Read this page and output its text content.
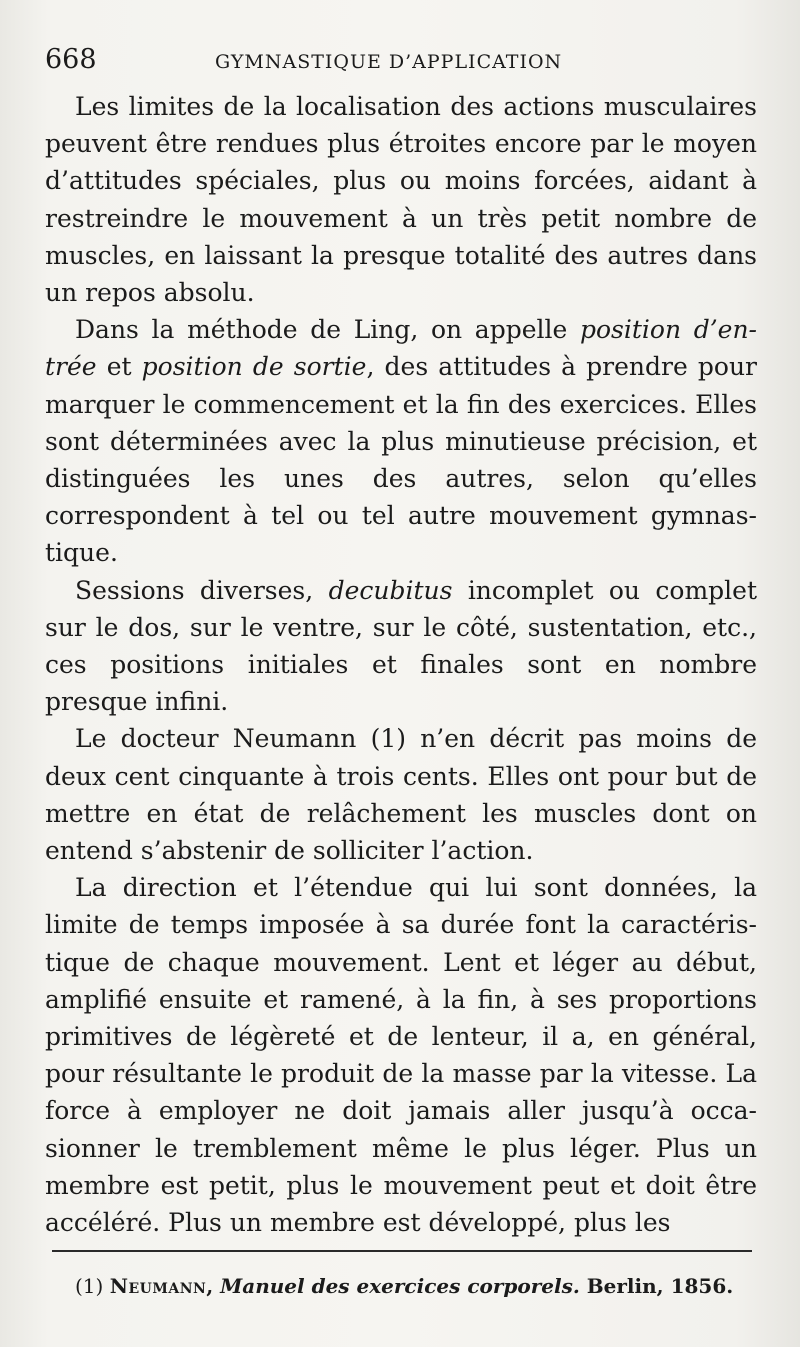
668	GYMNASTIQUE D’APPLICATION

Les limites de la localisation des actions musculaires peuvent être rendues plus étroites encore par le moyen d’attitudes spéciales, plus ou moins forcées, aidant à restreindre le mouvement à un très petit nombre de muscles, en laissant la presque totalité des autres dans un repos absolu.

Dans la méthode de Ling, on appelle position d’entrée et position de sortie, des attitudes à prendre pour marquer le commencement et la fin des exercices. Elles sont déterminées avec la plus minutieuse précision, et distinguées les unes des autres, selon qu’elles correspondent à tel ou tel autre mouvement gymnastique.

Sessions diverses, decubitus incomplet ou complet sur le dos, sur le ventre, sur le côté, sustentation, etc., ces positions initiales et finales sont en nombre presque infini.

Le docteur Neumann (1) n’en décrit pas moins de deux cent cinquante à trois cents. Elles ont pour but de mettre en état de relâchement les muscles dont on entend s’abstenir de solliciter l’action.

La direction et l’étendue qui lui sont données, la limite de temps imposée à sa durée font la caractéristique de chaque mouvement. Lent et léger au début, amplifié ensuite et ramené, à la fin, à ses proportions primitives de légèreté et de lenteur, il a, en général, pour résultante le produit de la masse par la vitesse. La force à employer ne doit jamais aller jusqu’à occasionner le tremblement même le plus léger. Plus un membre est petit, plus le mouvement peut et doit être accéléré. Plus un membre est développé, plus les

(1) Neumann, Manuel des exercices corporels. Berlin, 1856.
